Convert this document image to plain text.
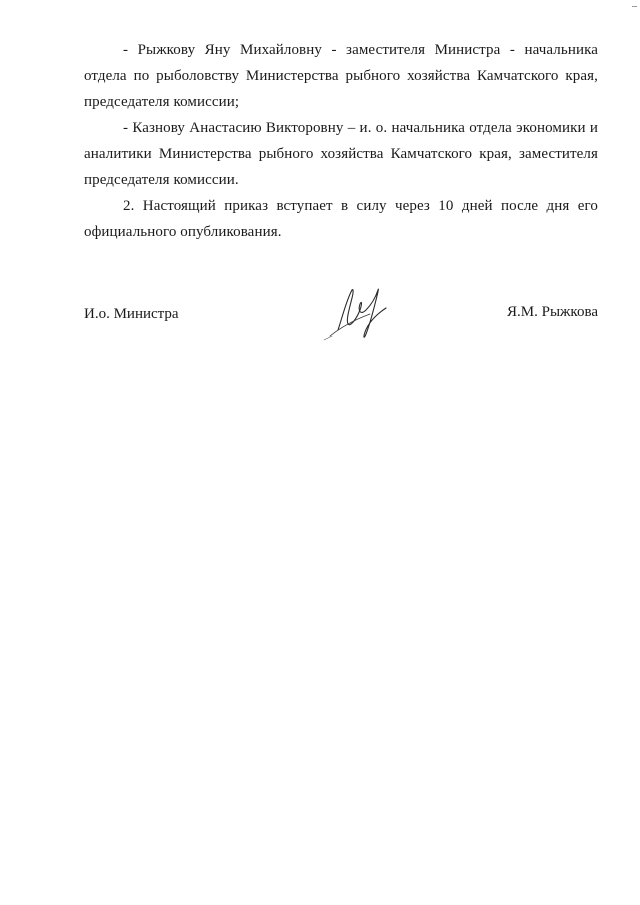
- Рыжкову Яну Михайловну - заместителя Министра - начальника отдела по рыболовству Министерства рыбного хозяйства Камчатского края, председателя комиссии;

- Казнову Анастасию Викторовну – и. о. начальника отдела экономики и аналитики Министерства рыбного хозяйства Камчатского края, заместителя председателя комиссии.

2. Настоящий приказ вступает в силу через 10 дней после дня его официального опубликования.

И.о. Министра	Я.М. Рыжкова
